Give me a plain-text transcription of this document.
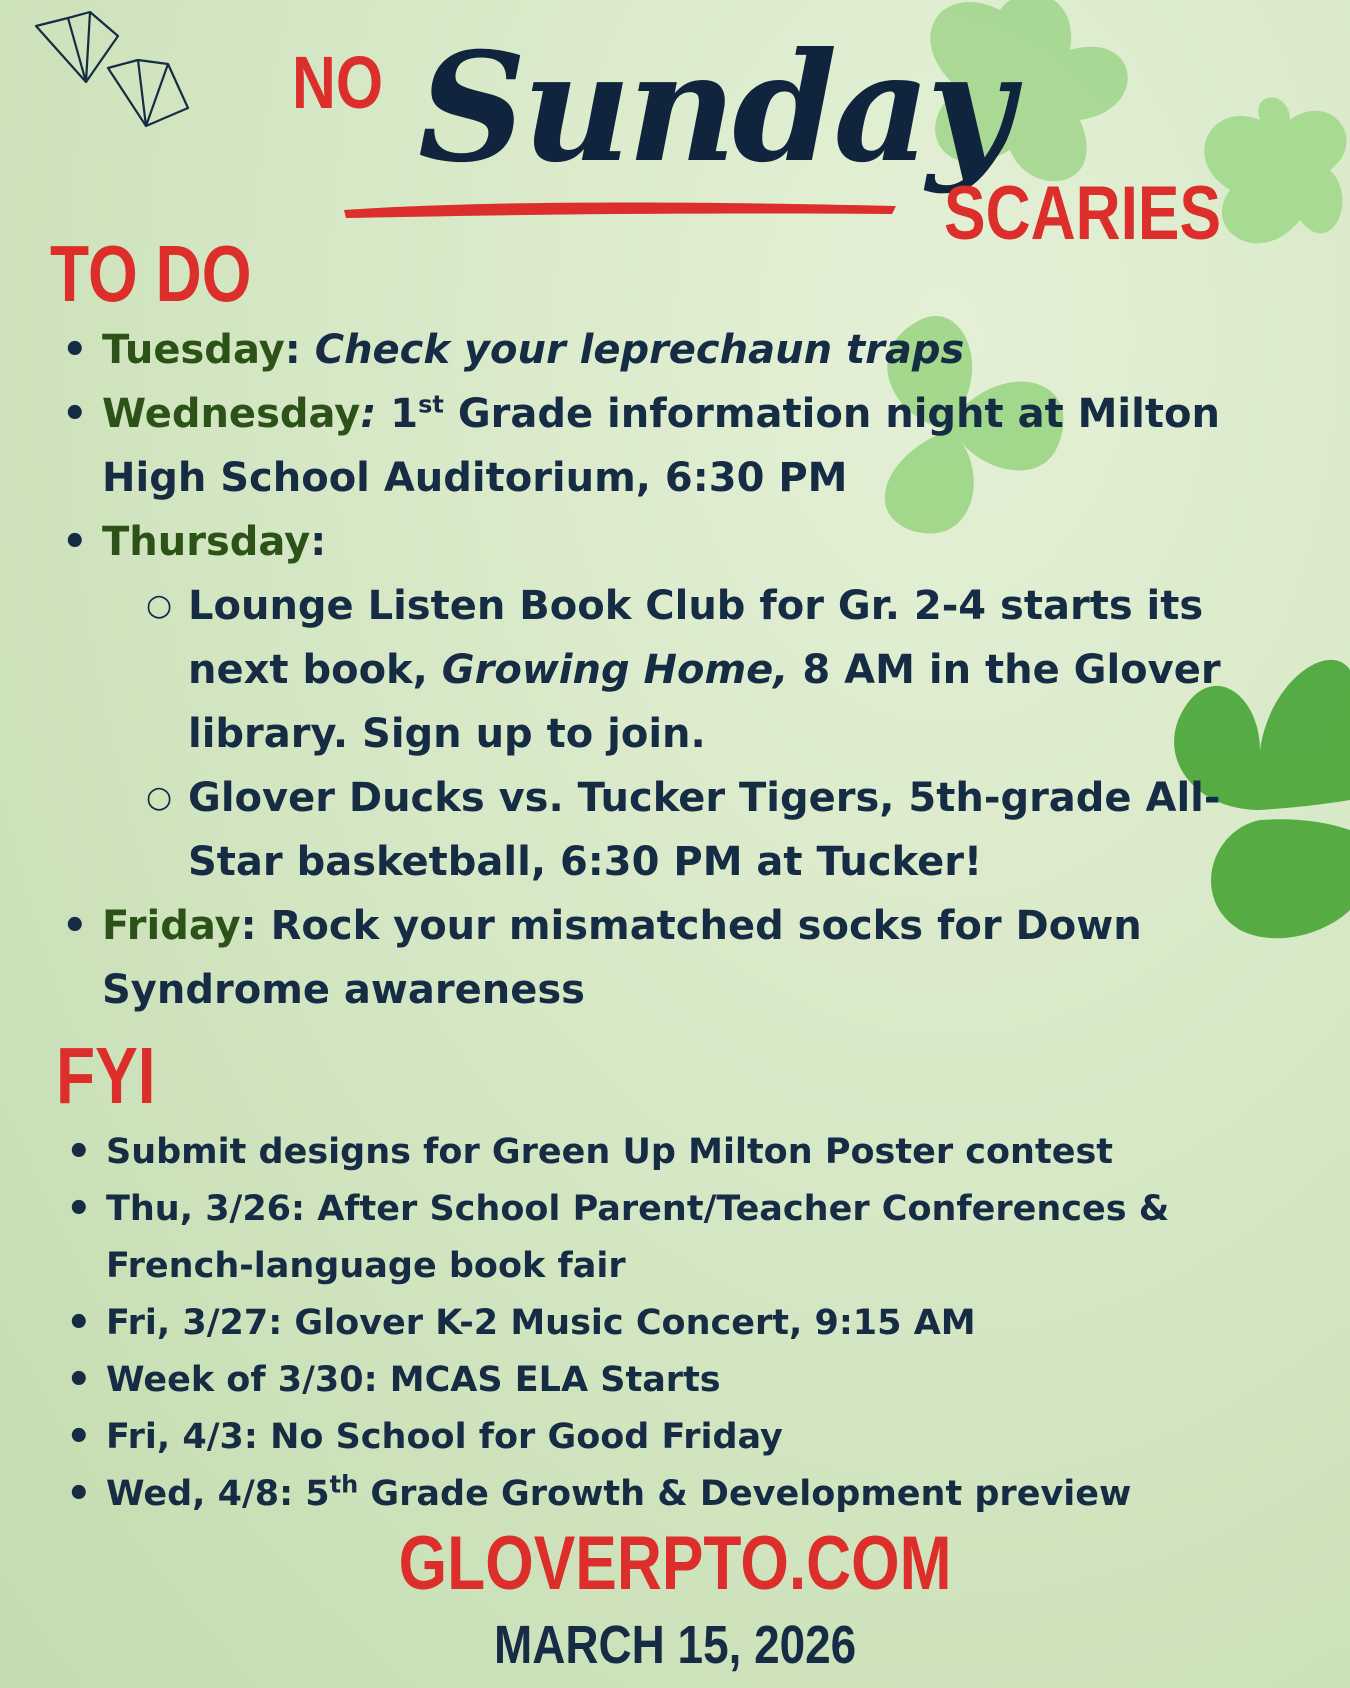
NO Sunday
SCARIES
TO DO
• Tuesday: Check your leprechaun traps
• Wednesday: 1st Grade information night at Milton High School Auditorium, 6:30 PM
• Thursday:
○ Lounge Listen Book Club for Gr. 2-4 starts its next book, Growing Home, 8 AM in the Glover library. Sign up to join.
○ Glover Ducks vs. Tucker Tigers, 5th-grade All-Star basketball, 6:30 PM at Tucker!
• Friday: Rock your mismatched socks for Down Syndrome awareness
FYI
• Submit designs for Green Up Milton Poster contest
• Thu, 3/26: After School Parent/Teacher Conferences & French-language book fair
• Fri, 3/27: Glover K-2 Music Concert, 9:15 AM
• Week of 3/30: MCAS ELA Starts
• Fri, 4/3: No School for Good Friday
• Wed, 4/8: 5th Grade Growth & Development preview
GLOVERPTO.COM
MARCH 15, 2026
